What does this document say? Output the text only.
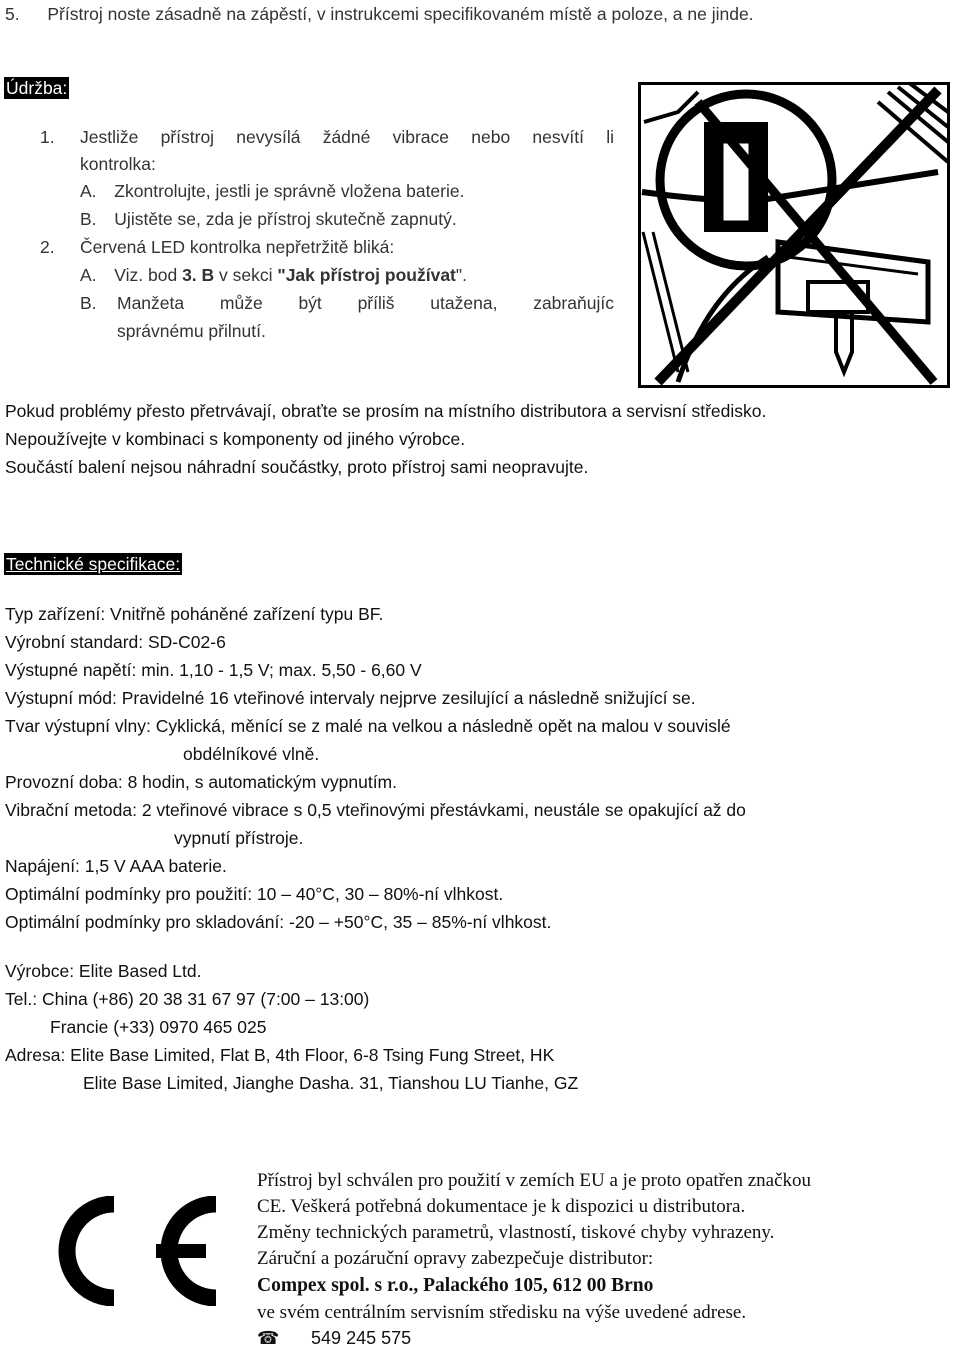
5. Přístroj noste zásadně na zápěstí, v instrukcemi specifikovaném místě a poloze, a ne jinde.
Údržba:
1. Jestliže přístroj nevysílá žádné vibrace nebo nesvítí li
kontrolka:
A. Zkontrolujte, jestli je správně vložena baterie.
B. Ujistěte se, zda je přístroj skutečně zapnutý.
2. Červená LED kontrolka nepřetržitě bliká:
A. Viz. bod 3. B v sekci "Jak přístroj používat".
B. Manžeta může být příliš utažena, zabraňujíc
správnému přilnutí.
Pokud problémy přesto přetrvávají, obraťte se prosím na místního distributora a servisní středisko.
Nepoužívejte v kombinaci s komponenty od jiného výrobce.
Součástí balení nejsou náhradní součástky, proto přístroj sami neopravujte.
Technické specifikace:
Typ zařízení: Vnitřně poháněné zařízení typu BF.
Výrobní standard: SD-C02-6
Výstupné napětí: min. 1,10 - 1,5 V; max. 5,50 - 6,60 V
Výstupní mód: Pravidelné 16 vteřinové intervaly nejprve zesilující a následně snižující se.
Tvar výstupní vlny: Cyklická, měnící se z malé na velkou a následně opět na malou v souvislé
obdélníkové vlně.
Provozní doba: 8 hodin, s automatickým vypnutím.
Vibrační metoda: 2 vteřinové vibrace s 0,5 vteřinovými přestávkami, neustále se opakující až do
vypnutí přístroje.
Napájení: 1,5 V AAA baterie.
Optimální podmínky pro použití: 10 – 40°C, 30 – 80%-ní vlhkost.
Optimální podmínky pro skladování: -20 – +50°C, 35 – 85%-ní vlhkost.
Výrobce: Elite Based Ltd.
Tel.: China (+86) 20 38 31 67 97 (7:00 – 13:00)
Francie (+33) 0970 465 025
Adresa: Elite Base Limited, Flat B, 4th Floor, 6-8 Tsing Fung Street, HK
Elite Base Limited, Jianghe Dasha. 31, Tianshou LU Tianhe, GZ
Přístroj byl schválen pro použití v zemích EU a je proto opatřen značkou
CE. Veškerá potřebná dokumentace je k dispozici u distributora.
Změny technických parametrů, vlastností, tiskové chyby vyhrazeny.
Záruční a pozáruční opravy zabezpečuje distributor:
Compex spol. s r.o., Palackého 105, 612 00 Brno
ve svém centrálním servisním středisku na výše uvedené adrese.
☎ 549 245 575
